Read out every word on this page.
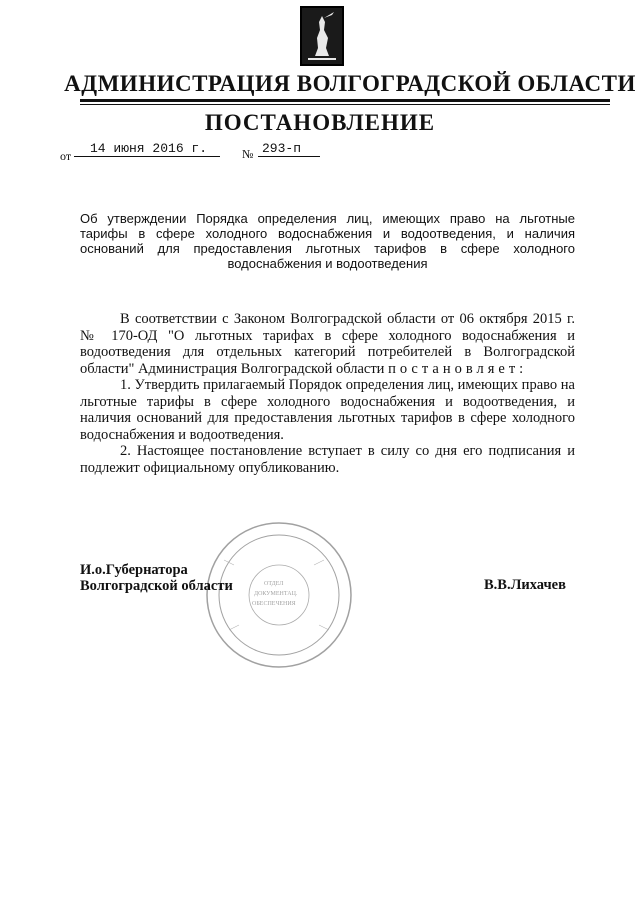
АДМИНИСТРАЦИЯ ВОЛГОГРАДСКОЙ ОБЛАСТИ
ПОСТАНОВЛЕНИЕ
от	14 июня 2016 г.	№ 293-п
Об утверждении Порядка определения лиц, имеющих право на льготные тарифы в сфере холодного водоснабжения и водоотведения, и наличия оснований для предоставления льготных тарифов в сфере холодного водоснабжения и водоотведения

В соответствии с Законом Волгоградской области от 06 октября 2015 г. № 170-ОД "О льготных тарифах в сфере холодного водоснабжения и водоотведения для отдельных категорий потребителей в Волгоградской области" Администрация Волгоградской области постановляет:

1. Утвердить прилагаемый Порядок определения лиц, имеющих право на льготные тарифы в сфере холодного водоснабжения и водоотведения, и наличия оснований для предоставления льготных тарифов в сфере холодного водоснабжения и водоотведения.

2. Настоящее постановление вступает в силу со дня его подписания и подлежит официальному опубликованию.

ОТДЕЛ
ДОКУМЕНТАЦ.
ОБЕСПЕЧЕНИЯ
И.о.Губернатора
Волгоградской области	В.В.Лихачев
